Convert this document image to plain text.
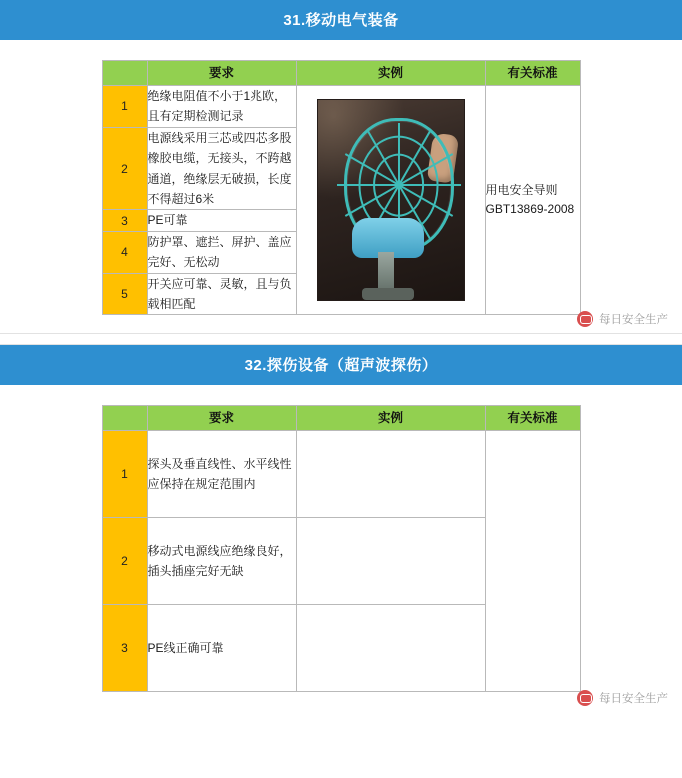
31.移动电气装备
	要求	实例	有关标准
1	绝缘电阻值不小于1兆欧，且有定期检测记录		用电安全导则GBT13869-2008
2	电源线采用三芯或四芯多股橡胶电缆，无接头，不跨越通道，绝缘层无破损，长度不得超过6米		
3	PE可靠		
4	防护罩、遮拦、屏护、盖应完好、无松动		
5	开关应可靠、灵敏，且与负载相匹配		
每日安全生产
32.探伤设备（超声波探伤）
	要求	实例	有关标准
1	探头及垂直线性、水平线性应保持在规定范围内		
2	移动式电源线应绝缘良好，插头插座完好无缺		
3	PE线正确可靠		
每日安全生产
